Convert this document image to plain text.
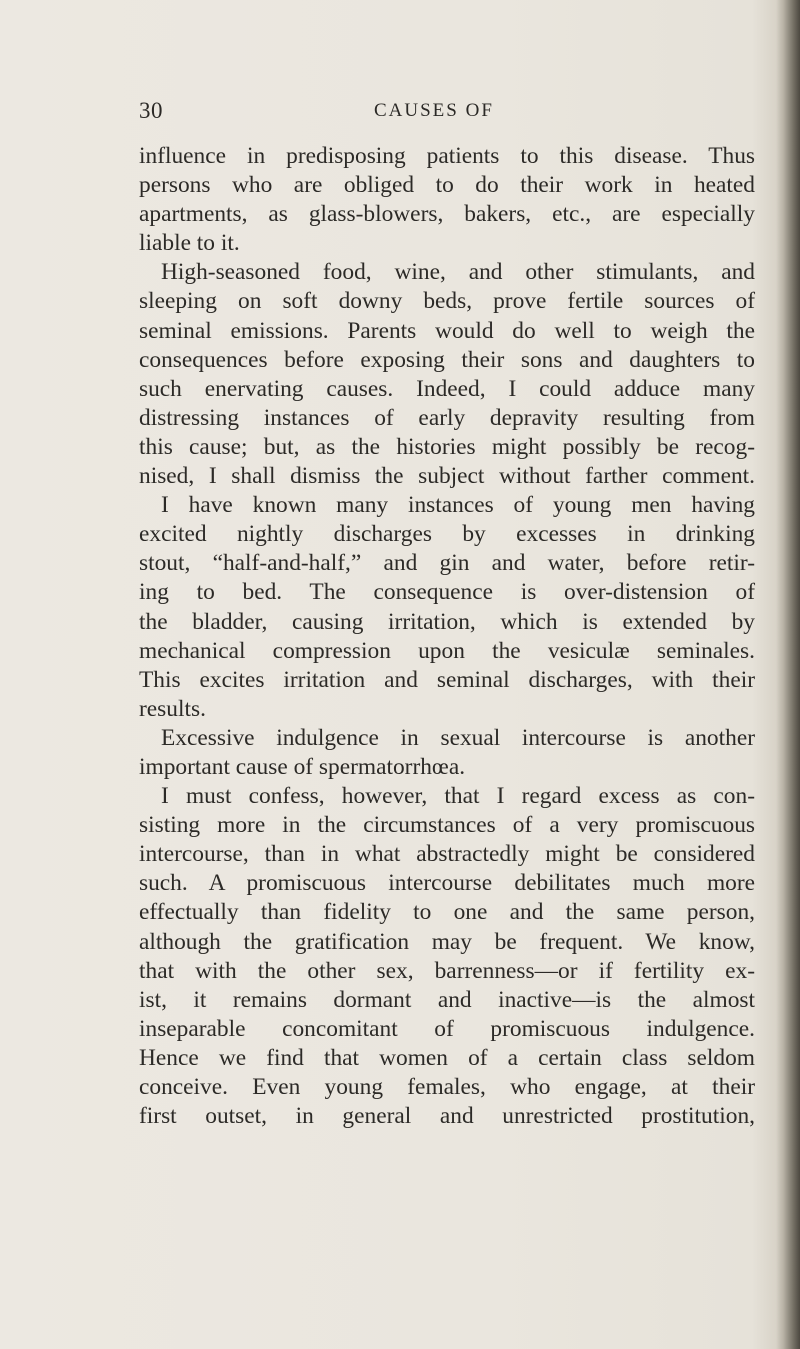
30	CAUSES OF
influence in predisposing patients to this disease. Thus
persons who are obliged to do their work in heated
apartments, as glass-blowers, bakers, etc., are especially
liable to it.
High-seasoned food, wine, and other stimulants, and
sleeping on soft downy beds, prove fertile sources of
seminal emissions. Parents would do well to weigh the
consequences before exposing their sons and daughters to
such enervating causes. Indeed, I could adduce many
distressing instances of early depravity resulting from
this cause; but, as the histories might possibly be recog-
nised, I shall dismiss the subject without farther comment.
I have known many instances of young men having
excited nightly discharges by excesses in drinking
stout, “half-and-half,” and gin and water, before retir-
ing to bed. The consequence is over-distension of
the bladder, causing irritation, which is extended by
mechanical compression upon the vesiculæ seminales.
This excites irritation and seminal discharges, with their
results.
Excessive indulgence in sexual intercourse is another
important cause of spermatorrhœa.
I must confess, however, that I regard excess as con-
sisting more in the circumstances of a very promiscuous
intercourse, than in what abstractedly might be considered
such. A promiscuous intercourse debilitates much more
effectually than fidelity to one and the same person,
although the gratification may be frequent. We know,
that with the other sex, barrenness—or if fertility ex-
ist, it remains dormant and inactive—is the almost
inseparable concomitant of promiscuous indulgence.
Hence we find that women of a certain class seldom
conceive. Even young females, who engage, at their
first outset, in general and unrestricted prostitution,
